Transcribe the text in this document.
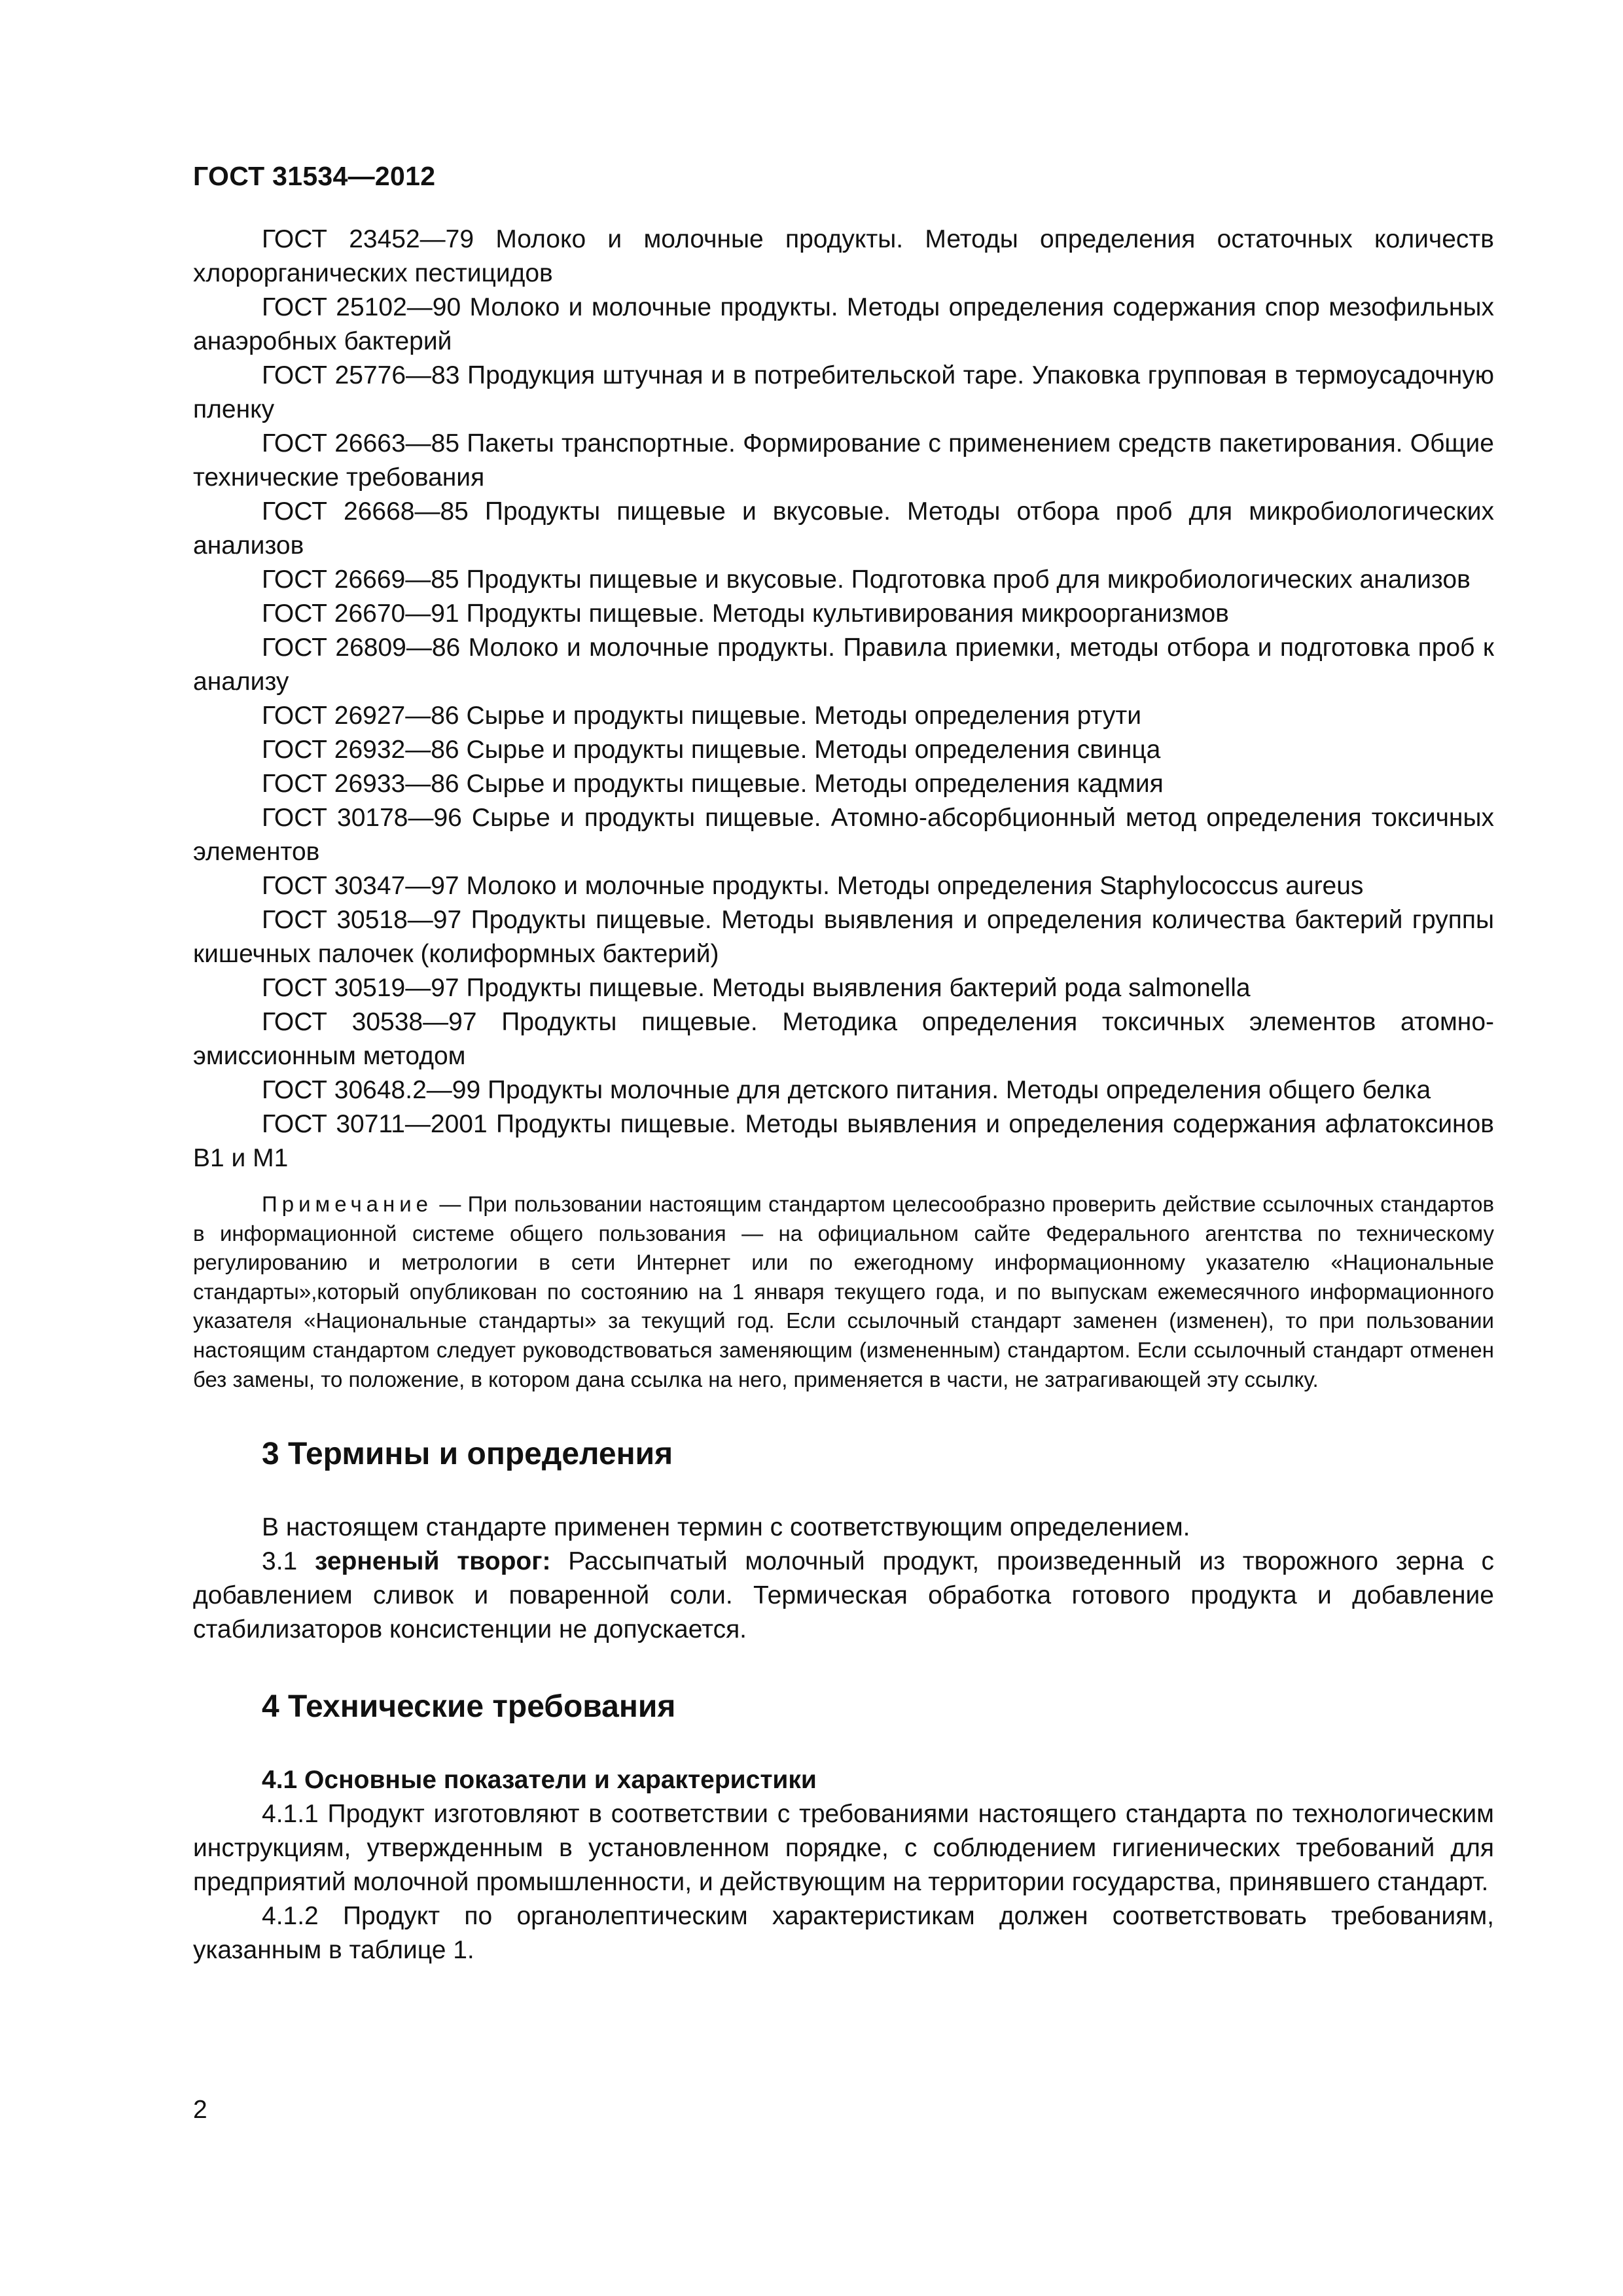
ГОСТ 31534—2012

ГОСТ 23452—79 Молоко и молочные продукты. Методы определения остаточных количеств хлорорганических пестицидов

ГОСТ 25102—90 Молоко и молочные продукты. Методы определения содержания спор мезофильных анаэробных бактерий

ГОСТ 25776—83 Продукция штучная и в потребительской таре. Упаковка групповая в термоусадочную пленку

ГОСТ 26663—85 Пакеты транспортные. Формирование с применением средств пакетирования. Общие технические требования

ГОСТ 26668—85 Продукты пищевые и вкусовые. Методы отбора проб для микробиологических анализов

ГОСТ 26669—85 Продукты пищевые и вкусовые. Подготовка проб для микробиологических анализов

ГОСТ 26670—91 Продукты пищевые. Методы культивирования микроорганизмов

ГОСТ 26809—86 Молоко и молочные продукты. Правила приемки, методы отбора и подготовка проб к анализу

ГОСТ 26927—86 Сырье и продукты пищевые. Методы определения ртути

ГОСТ 26932—86 Сырье и продукты пищевые. Методы определения свинца

ГОСТ 26933—86 Сырье и продукты пищевые. Методы определения кадмия

ГОСТ 30178—96 Сырье и продукты пищевые. Атомно-абсорбционный метод определения токсичных элементов

ГОСТ 30347—97 Молоко и молочные продукты. Методы определения Staphylococcus aureus

ГОСТ 30518—97 Продукты пищевые. Методы выявления и определения количества бактерий группы кишечных палочек (колиформных бактерий)

ГОСТ 30519—97 Продукты пищевые. Методы выявления бактерий рода salmonella

ГОСТ 30538—97 Продукты пищевые. Методика определения токсичных элементов атомно-эмиссионным методом

ГОСТ 30648.2—99 Продукты молочные для детского питания. Методы определения общего белка

ГОСТ 30711—2001 Продукты пищевые. Методы выявления и определения содержания афлатоксинов B1 и M1

Примечание — При пользовании настоящим стандартом целесообразно проверить действие ссылочных стандартов в информационной системе общего пользования — на официальном сайте Федерального агентства по техническому регулированию и метрологии в сети Интернет или по ежегодному информационному указателю «Национальные стандарты»,который опубликован по состоянию на 1 января текущего года, и по выпускам ежемесячного информационного указателя «Национальные стандарты» за текущий год. Если ссылочный стандарт заменен (изменен), то при пользовании настоящим стандартом следует руководствоваться заменяющим (измененным) стандартом. Если ссылочный стандарт отменен без замены, то положение, в котором дана ссылка на него, применяется в части, не затрагивающей эту ссылку.

3 Термины и определения

В настоящем стандарте применен термин с соответствующим определением.

3.1 зерненый творог: Рассыпчатый молочный продукт, произведенный из творожного зерна с добавлением сливок и поваренной соли. Термическая обработка готового продукта и добавление стабилизаторов консистенции не допускается.

4 Технические требования
4.1 Основные показатели и характеристики

4.1.1 Продукт изготовляют в соответствии с требованиями настоящего стандарта по технологическим инструкциям, утвержденным в установленном порядке, с соблюдением гигиенических требований для предприятий молочной промышленности, и действующим на территории государства, принявшего стандарт.

4.1.2 Продукт по органолептическим характеристикам должен соответствовать требованиям, указанным в таблице 1.

2
